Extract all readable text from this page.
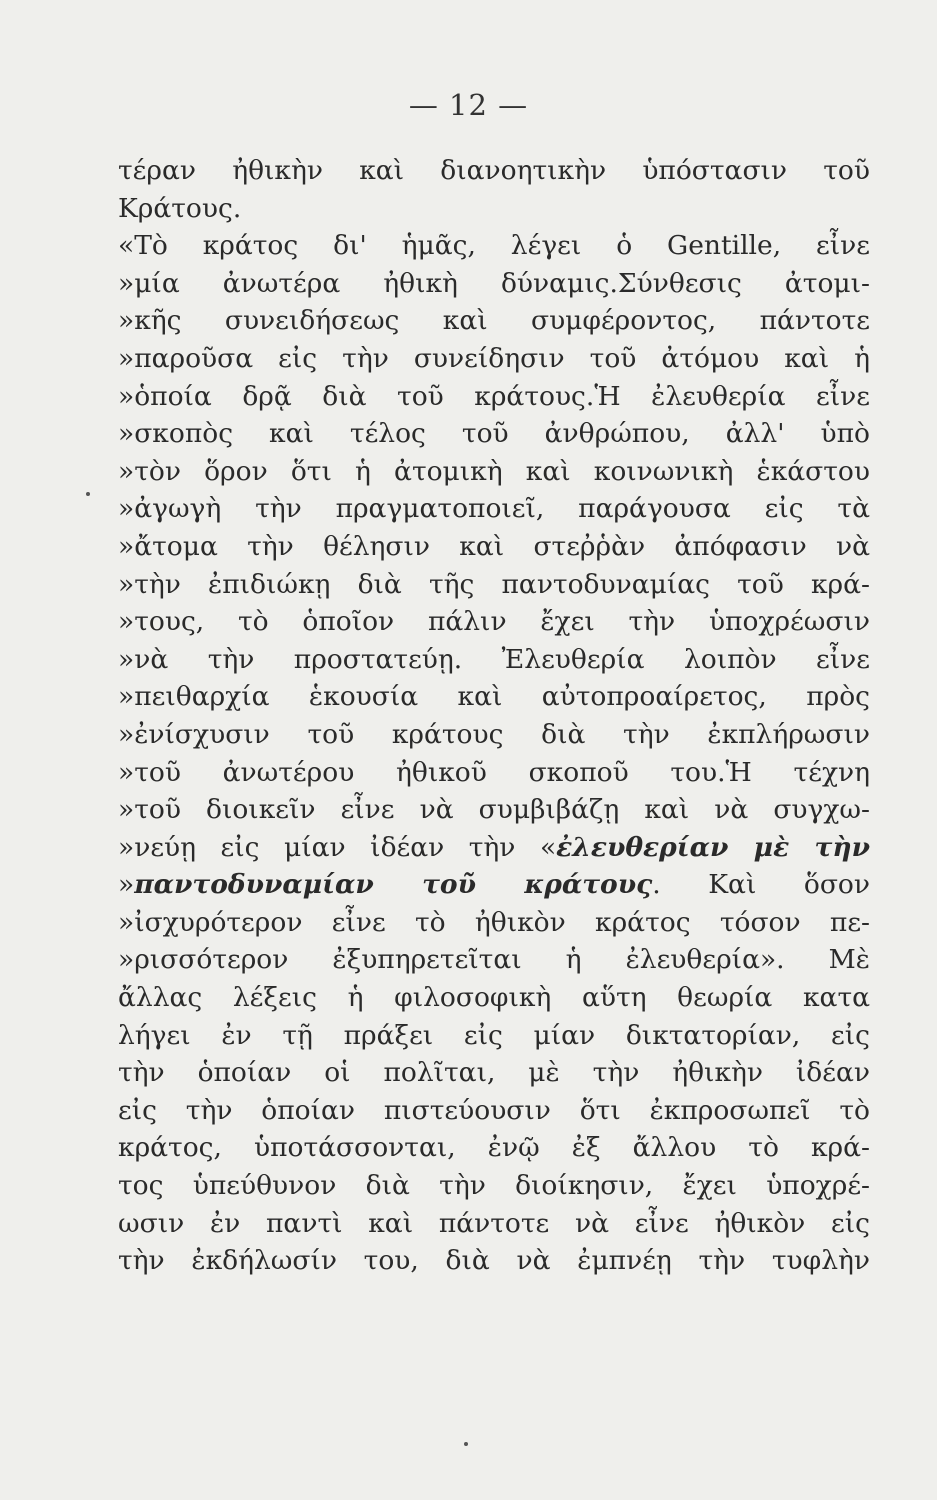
— 12 —
τέραν ἠθικὴν καὶ διανοητικὴν ὑπόστασιν τοῦ
Κράτους.
«Τὸ κράτος δι' ἡμᾶς, λέγει ὁ Gentille, εἶνε
»μία ἀνωτέρα ἠθικὴ δύναμις.Σύνθεσις ἀτομι-
»κῆς συνειδήσεως καὶ συμφέροντος, πάντοτε
»παροῦσα εἰς τὴν συνείδησιν τοῦ ἀτόμου καὶ ἡ
»ὁποία δρᾷ διὰ τοῦ κράτους.Ἡ ἐλευθερία εἶνε
»σκοπὸς καὶ τέλος τοῦ ἀνθρώπου, ἀλλ' ὑπὸ
»τὸν ὅρον ὅτι ἡ ἀτομικὴ καὶ κοινωνικὴ ἑκάστου
»ἀγωγὴ τὴν πραγματοποιεῖ, παράγουσα εἰς τὰ
»ἄτομα τὴν θέλησιν καὶ στεῤῥὰν ἀπόφασιν νὰ
»τὴν ἐπιδιώκῃ διὰ τῆς παντοδυναμίας τοῦ κρά-
»τους, τὸ ὁποῖον πάλιν ἔχει τὴν ὑποχρέωσιν
»νὰ τὴν προστατεύῃ. Ἐλευθερία λοιπὸν εἶνε
»πειθαρχία ἑκουσία καὶ αὐτοπροαίρετος, πρὸς
»ἐνίσχυσιν τοῦ κράτους διὰ τὴν ἐκπλήρωσιν
»τοῦ ἀνωτέρου ἠθικοῦ σκοποῦ του.Ἡ τέχνη
»τοῦ διοικεῖν εἶνε νὰ συμβιβάζῃ καὶ νὰ συγχω-
»νεύῃ εἰς μίαν ἰδέαν τὴν «ἐλευθερίαν μὲ τὴν
»παντοδυναμίαν τοῦ κράτους. Καὶ ὅσον
»ἰσχυρότερον εἶνε τὸ ἠθικὸν κράτος τόσον πε-
»ρισσότερον ἐξυπηρετεῖται ἡ ἐλευθερία». Μὲ
ἄλλας λέξεις ἡ φιλοσοφικὴ αὕτη θεωρία κατα
λήγει ἐν τῇ πράξει εἰς μίαν δικτατορίαν, εἰς
τὴν ὁποίαν οἱ πολῖται, μὲ τὴν ἠθικὴν ἰδέαν
εἰς τὴν ὁποίαν πιστεύουσιν ὅτι ἐκπροσωπεῖ τὸ
κράτος, ὑποτάσσονται, ἐνῷ ἐξ ἄλλου τὸ κρά-
τος ὑπεύθυνον διὰ τὴν διοίκησιν, ἔχει ὑποχρέ-
ωσιν ἐν παντὶ καὶ πάντοτε νὰ εἶνε ἠθικὸν εἰς
τὴν ἐκδήλωσίν του, διὰ νὰ ἐμπνέῃ τὴν τυφλὴν
